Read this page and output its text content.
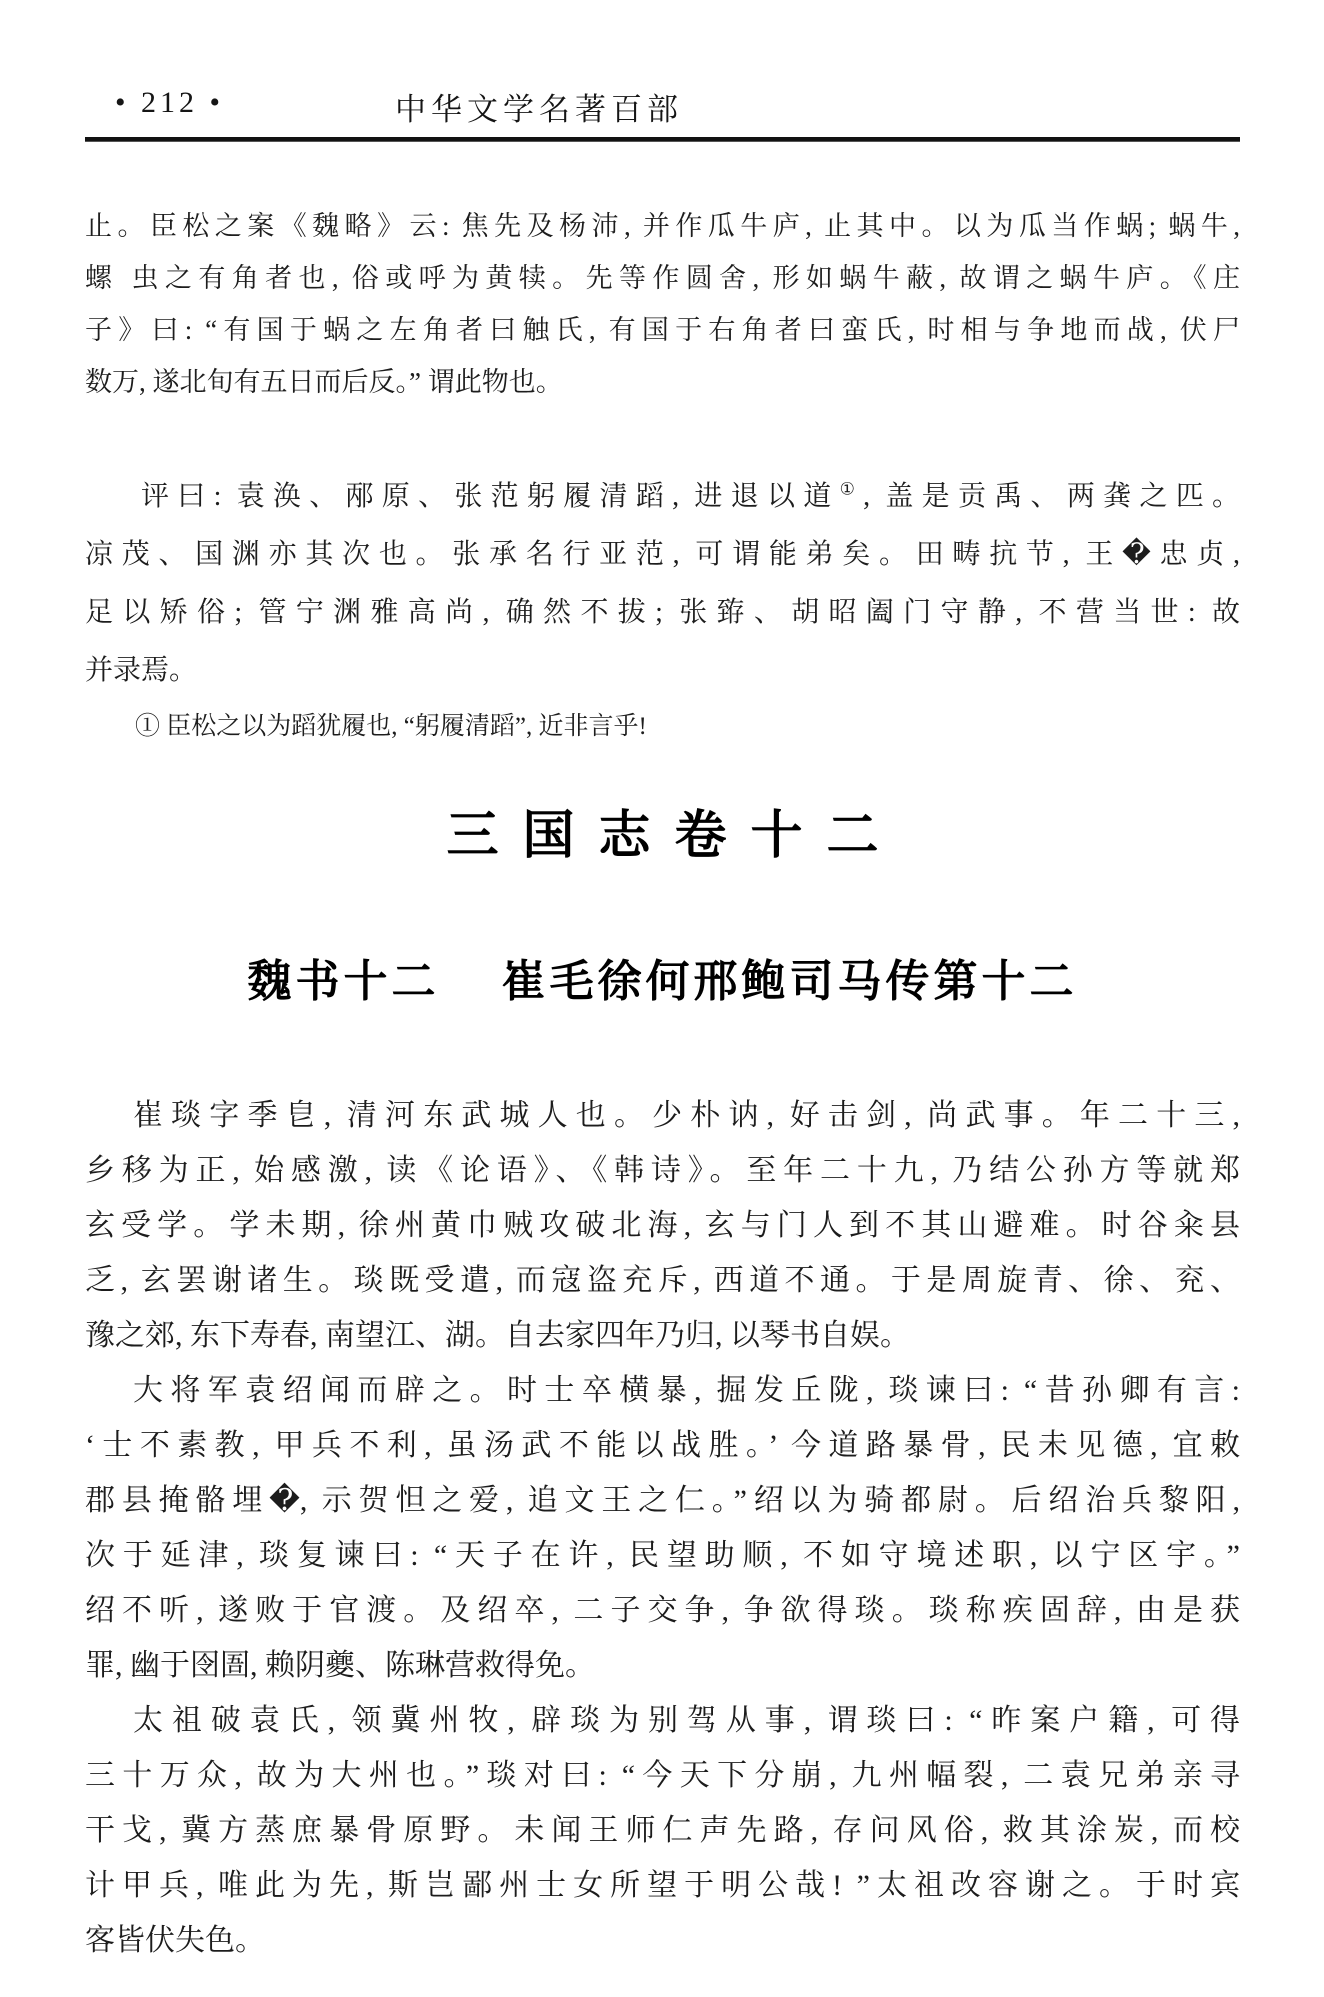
• 212 •	中华文学名著百部
止。臣松之案《魏略》云: 焦先及杨沛, 并作瓜牛庐, 止其中。以为瓜当作蜗; 蜗牛,
螺 虫之有角者也, 俗或呼为黄犊。先等作圆舍, 形如蜗牛蔽, 故谓之蜗牛庐。《庄
子》曰: “有国于蜗之左角者曰触氏, 有国于右角者曰蛮氏, 时相与争地而战, 伏尸
数万, 遂北旬有五日而后反。” 谓此物也。
评曰: 袁涣、邴原、张范躬履清蹈, 进退以道①, 盖是贡禹、两龚之匹。
凉茂、国渊亦其次也。张承名行亚范, 可谓能弟矣。田畴抗节, 王�忠贞,
足以矫俗; 管宁渊雅高尚, 确然不拔; 张臶、胡昭阖门守静, 不营当世: 故
并录焉。
① 臣松之以为蹈犹履也, “躬履清蹈”, 近非言乎!
三国志卷十二
魏书十二 崔毛徐何邢鲍司马传第十二
崔琰字季皀, 清河东武城人也。少朴讷, 好击剑, 尚武事。年二十三,
乡移为正, 始感激, 读《论语》、《韩诗》。至年二十九, 乃结公孙方等就郑
玄受学。学未期, 徐州黄巾贼攻破北海, 玄与门人到不其山避难。时谷籴县
乏, 玄罢谢诸生。琰既受遣, 而寇盗充斥, 西道不通。于是周旋青、徐、兖、
豫之郊, 东下寿春, 南望江、湖。自去家四年乃归, 以琴书自娱。
大将军袁绍闻而辟之。时士卒横暴, 掘发丘陇, 琰谏曰: “昔孙卿有言:
‘士不素教, 甲兵不利, 虽汤武不能以战胜。’ 今道路暴骨, 民未见德, 宜敕
郡县掩骼埋�, 示贺怛之爱, 追文王之仁。”绍以为骑都尉。后绍治兵黎阳,
次于延津, 琰复谏曰: “天子在许, 民望助顺, 不如守境述职, 以宁区宇。”
绍不听, 遂败于官渡。及绍卒, 二子交争, 争欲得琰。琰称疾固辞, 由是获
罪, 幽于囹圄, 赖阴夔、陈琳营救得免。
太祖破袁氏, 领冀州牧, 辟琰为别驾从事, 谓琰曰: “昨案户籍, 可得
三十万众, 故为大州也。”琰对曰: “今天下分崩, 九州幅裂, 二袁兄弟亲寻
干戈, 冀方蒸庶暴骨原野。未闻王师仁声先路, 存问风俗, 救其涂炭, 而校
计甲兵, 唯此为先, 斯岂鄙州士女所望于明公哉! ”太祖改容谢之。于时宾
客皆伏失色。
